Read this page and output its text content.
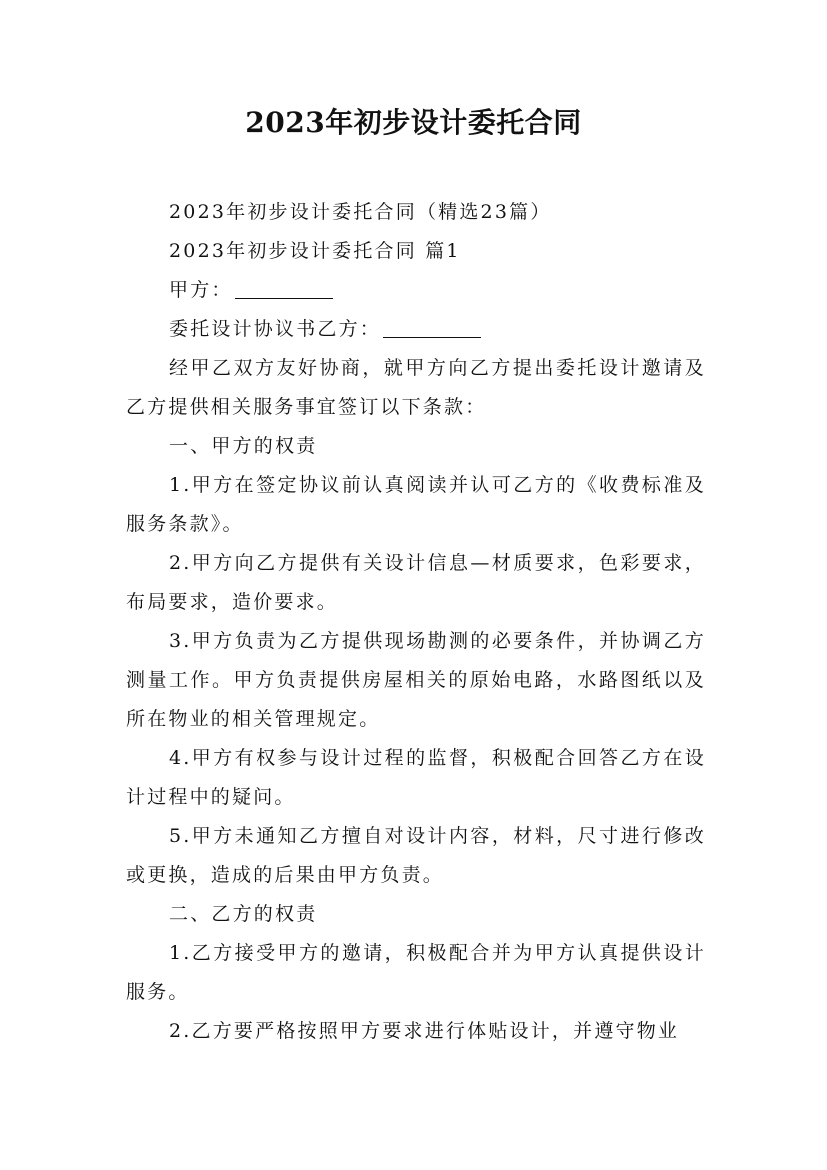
2023年初步设计委托合同

2023年初步设计委托合同（精选23篇）

2023年初步设计委托合同 篇1

甲方：

委托设计协议书乙方：

经甲乙双方友好协商，就甲方向乙方提出委托设计邀请及乙方提供相关服务事宜签订以下条款：

一、甲方的权责

1.甲方在签定协议前认真阅读并认可乙方的《收费标准及服务条款》。

2.甲方向乙方提供有关设计信息—材质要求，色彩要求，布局要求，造价要求。

3.甲方负责为乙方提供现场勘测的必要条件，并协调乙方测量工作。甲方负责提供房屋相关的原始电路，水路图纸以及所在物业的相关管理规定。

4.甲方有权参与设计过程的监督，积极配合回答乙方在设计过程中的疑问。

5.甲方未通知乙方擅自对设计内容，材料，尺寸进行修改或更换，造成的后果由甲方负责。

二、乙方的权责

1.乙方接受甲方的邀请，积极配合并为甲方认真提供设计服务。

2.乙方要严格按照甲方要求进行体贴设计，并遵守物业
